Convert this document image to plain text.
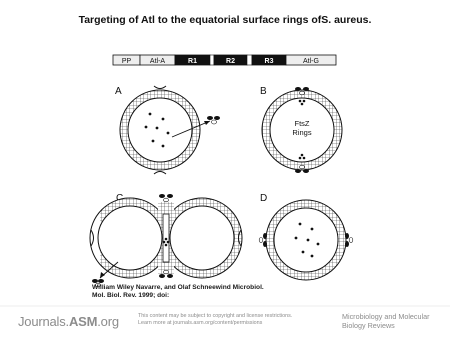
Targeting of Atl to the equatorial surface rings ofS. aureus.
PP	Atl-A	R1	R2	R3	Atl-G
A	B
FtsZ
Rings
D
William Wiley Navarre, and Olaf Schneewind Microbiol.
Mol. Biol. Rev. 1999; doi:
Journals.ASM.org	This content may be subject to copyright and license restrictions.
Learn more at journals.asm.org/content/permissions
Microbiology and Molecular
Biology Reviews
